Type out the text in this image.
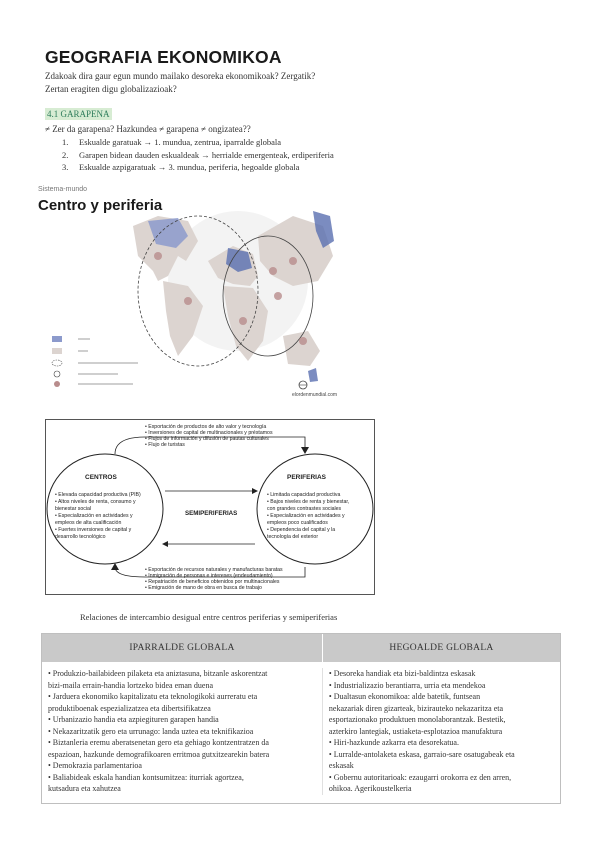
GEOGRAFIA EKONOMIKOA
Zdakoak dira gaur egun mundo mailako desoreka ekonomikoak? Zergatik?
Zertan eragiten digu globalizazioak?
4.1 GARAPENA
≠ Zer da garapena? Hazkundea ≠ garapena ≠ ongizatea??
1. Eskualde garatuak → 1. mundua, zentrua, iparralde globala
2. Garapen bidean dauden eskualdeak → herrialde emergenteak, erdiperiferia
3. Eskualde azpigaratuak → 3. mundua, periferia, hegoalde globala
Sistema-mundo
Centro y periferia
elordenmundial.com
• Exportación de productos de alto valor y tecnología
• Inversiones de capital de multinacionales y préstamos
• Flujos de información y difusión de pautas culturales
• Flujo de turistas
CENTROS
• Elevada capacidad productiva (PIB)
• Altos niveles de renta, consumo y
bienestar social
• Especialización en actividades y
empleos de alta cualificación
• Fuertes inversiones de capital y
desarrollo tecnológico
SEMIPERIFERIAS
PERIFERIAS
• Limitada capacidad productiva
• Bajos niveles de renta y bienestar,
con grandes contrastes sociales
• Especialización en actividades y
empleos poco cualificados
• Dependencia del capital y la
tecnología del exterior
• Exportación de recursos naturales y manufacturas baratas
• Inmigración de personas e intereses (endeudamiento)
• Repatriación de beneficios obtenidos por multinacionales
• Emigración de mano de obra en busca de trabajo
Relaciones de intercambio desigual entre centros periferias y semiperiferias
IPARRALDE GLOBALA	HEGOALDE GLOBALA

• Produkzio-bailabideen pilaketa eta aniztasuna, bitzanle askorentzat

bizi-maila errain-handia lortzeko bidea eman duena

• Jarduera ekonomiko kapitalizatu eta teknologikoki aurreratu eta

produktiboenak espezializatzea eta dibertsifikatzea

• Urbanizazio handia eta azpiegituren garapen handia

• Nekazaritzatik gero eta urrunago: landa uztea eta teknifikazioa

• Biztanleria eremu aberatsenetan gero eta gehiago kontzentratzen da

espazioan, hazkunde demografikoaren erritmoa gutxitzearekin batera

• Demokrazia parlamentarioa

• Baliabideak eskala handian kontsumitzea: iturriak agortzea,

kutsadura eta xahutzea

• Desoreka handiak eta bizi-baldintza eskasak

• Industrializazio berantiarra, urria eta mendekoa

• Dualtasun ekonomikoa: alde batetik, funtsean

nekazariak diren gizarteak, bizirauteko nekazaritza eta

esportazionako produktuen monolaborantzak. Bestetik,

azterkiro lantegiak, ustiaketa-esplotazioa manufaktura

• Hiri-hazkunde azkarra eta desorekatua.

• Lurralde-antolaketa eskasa, garraio-sare osatugabeak eta

eskasak

• Gobernu autoritarioak: ezaugarri orokorra ez den arren,

ohikoa. Agerikoustelkeria
